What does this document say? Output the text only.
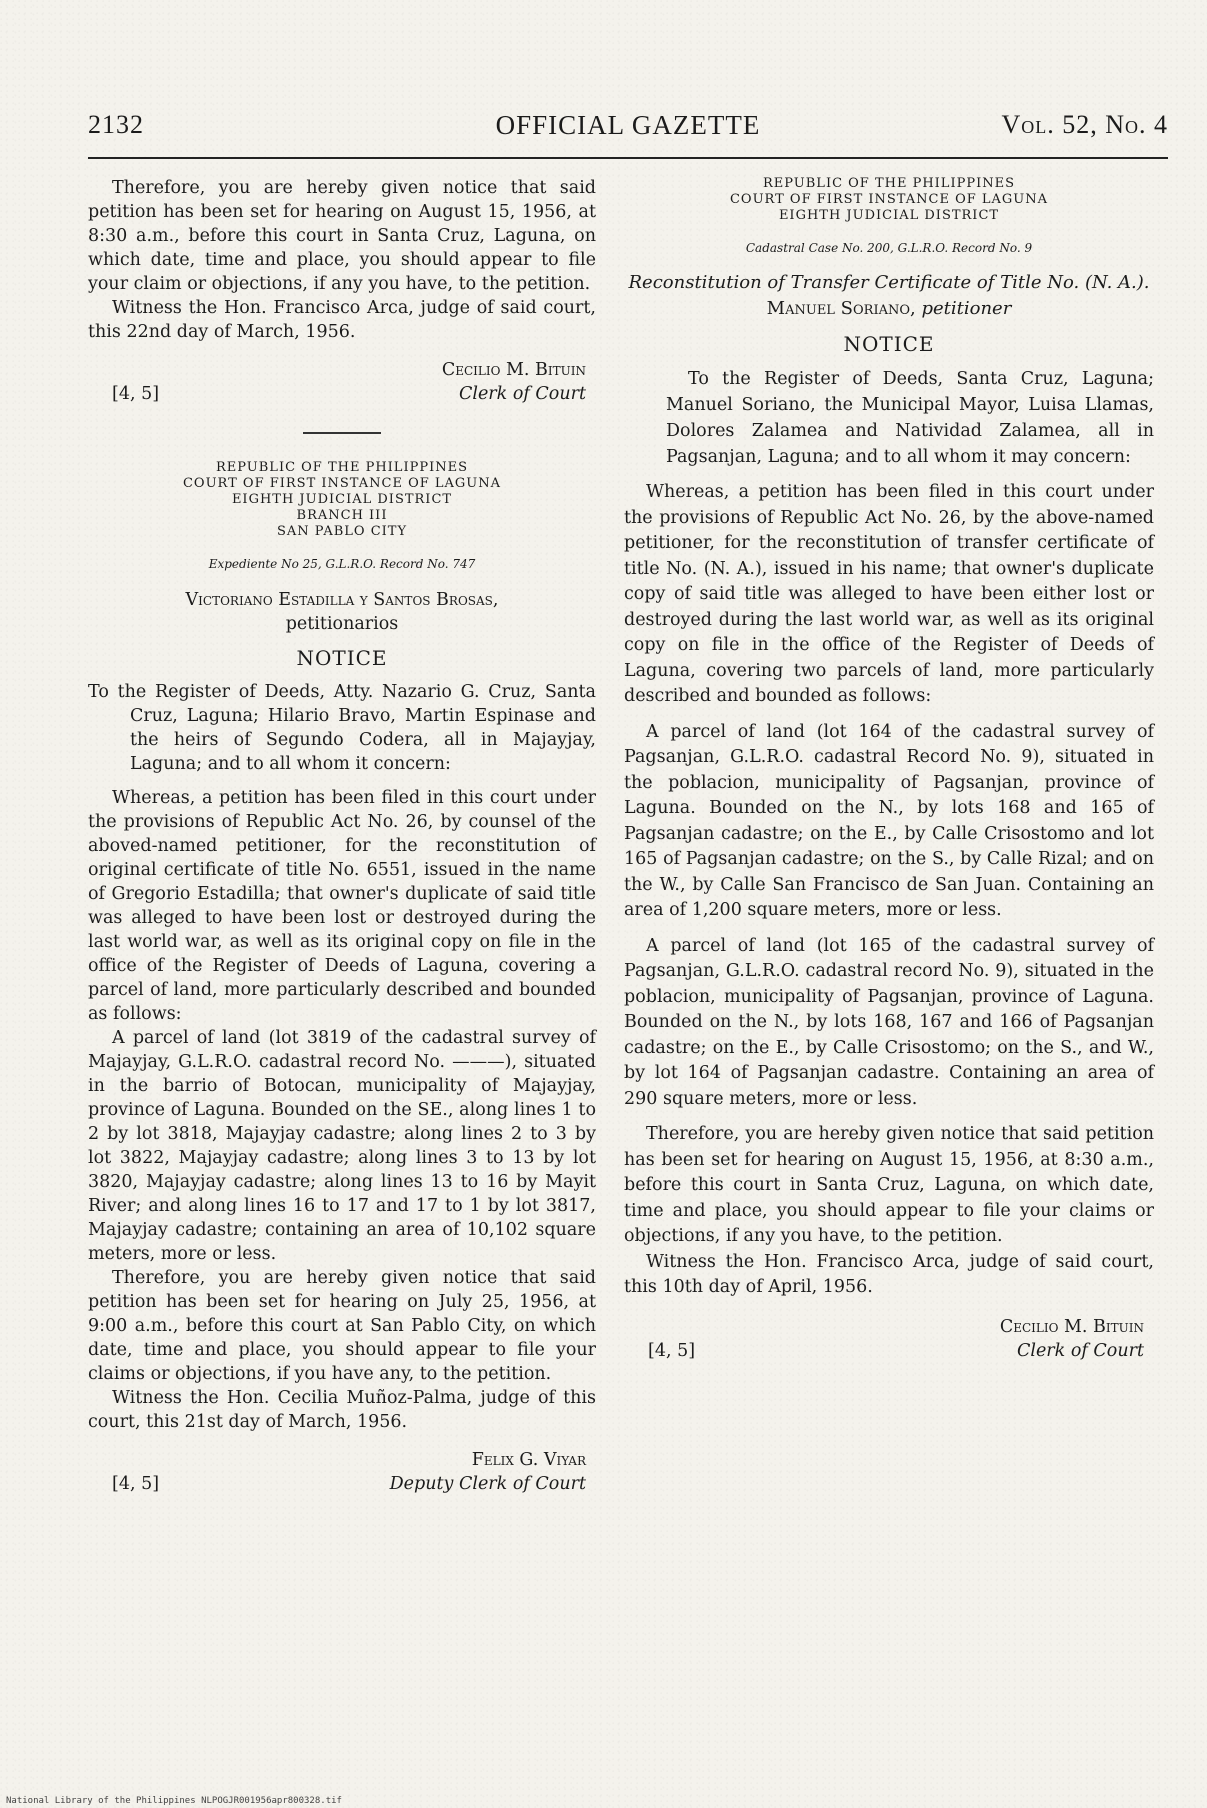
2132	OFFICIAL GAZETTE	Vol. 52, No. 4

Therefore, you are hereby given notice that said petition has been set for hearing on August 15, 1956, at 8:30 a.m., before this court in Santa Cruz, Laguna, on which date, time and place, you should appear to file your claim or objections, if any you have, to the petition.

Witness the Hon. Francisco Arca, judge of said court, this 22nd day of March, 1956.

Cecilio M. Bituin
[4, 5]	Clerk of Court
REPUBLIC OF THE PHILIPPINES
COURT OF FIRST INSTANCE OF LAGUNA
EIGHTH JUDICIAL DISTRICT
BRANCH III
SAN PABLO CITY

Expediente No 25, G.L.R.O. Record No. 747

Victoriano Estadilla y Santos Brosas,

petitionarios

NOTICE

To the Register of Deeds, Atty. Nazario G. Cruz, Santa Cruz, Laguna; Hilario Bravo, Martin Espinase and the heirs of Segundo Codera, all in Majayjay, Laguna; and to all whom it concern:

Whereas, a petition has been filed in this court under the provisions of Republic Act No. 26, by counsel of the aboved-named petitioner, for the reconstitution of original certificate of title No. 6551, issued in the name of Gregorio Estadilla; that owner's duplicate of said title was alleged to have been lost or destroyed during the last world war, as well as its original copy on file in the office of the Register of Deeds of Laguna, covering a parcel of land, more particularly described and bounded as follows:

A parcel of land (lot 3819 of the cadastral survey of Majayjay, G.L.R.O. cadastral record No. ———), situated in the barrio of Botocan, municipality of Majayjay, province of Laguna. Bounded on the SE., along lines 1 to 2 by lot 3818, Majayjay cadastre; along lines 2 to 3 by lot 3822, Majayjay cadastre; along lines 3 to 13 by lot 3820, Majayjay cadastre; along lines 13 to 16 by Mayit River; and along lines 16 to 17 and 17 to 1 by lot 3817, Majayjay cadastre; containing an area of 10,102 square meters, more or less.

Therefore, you are hereby given notice that said petition has been set for hearing on July 25, 1956, at 9:00 a.m., before this court at San Pablo City, on which date, time and place, you should appear to file your claims or objections, if you have any, to the petition.

Witness the Hon. Cecilia Muñoz-Palma, judge of this court, this 21st day of March, 1956.

Felix G. Viyar
[4, 5]	Deputy Clerk of Court
REPUBLIC OF THE PHILIPPINES
COURT OF FIRST INSTANCE OF LAGUNA
EIGHTH JUDICIAL DISTRICT

Cadastral Case No. 200, G.L.R.O. Record No. 9

Reconstitution of Transfer Certificate of Title No. (N. A.). Manuel Soriano, petitioner

NOTICE

To the Register of Deeds, Santa Cruz, Laguna; Manuel Soriano, the Municipal Mayor, Luisa Llamas, Dolores Zalamea and Natividad Zalamea, all in Pagsanjan, Laguna; and to all whom it may concern:

Whereas, a petition has been filed in this court under the provisions of Republic Act No. 26, by the above-named petitioner, for the reconstitution of transfer certificate of title No. (N. A.), issued in his name; that owner's duplicate copy of said title was alleged to have been either lost or destroyed during the last world war, as well as its original copy on file in the office of the Register of Deeds of Laguna, covering two parcels of land, more particularly described and bounded as follows:

A parcel of land (lot 164 of the cadastral survey of Pagsanjan, G.L.R.O. cadastral Record No. 9), situated in the poblacion, municipality of Pagsanjan, province of Laguna. Bounded on the N., by lots 168 and 165 of Pagsanjan cadastre; on the E., by Calle Crisostomo and lot 165 of Pagsanjan cadastre; on the S., by Calle Rizal; and on the W., by Calle San Francisco de San Juan. Containing an area of 1,200 square meters, more or less.

A parcel of land (lot 165 of the cadastral survey of Pagsanjan, G.L.R.O. cadastral record No. 9), situated in the poblacion, municipality of Pagsanjan, province of Laguna. Bounded on the N., by lots 168, 167 and 166 of Pagsanjan cadastre; on the E., by Calle Crisostomo; on the S., and W., by lot 164 of Pagsanjan cadastre. Containing an area of 290 square meters, more or less.

Therefore, you are hereby given notice that said petition has been set for hearing on August 15, 1956, at 8:30 a.m., before this court in Santa Cruz, Laguna, on which date, time and place, you should appear to file your claims or objections, if any you have, to the petition.

Witness the Hon. Francisco Arca, judge of said court, this 10th day of April, 1956.

Cecilio M. Bituin
[4, 5]	Clerk of Court
National Library of the Philippines NLPOGJR001956apr800328.tif
